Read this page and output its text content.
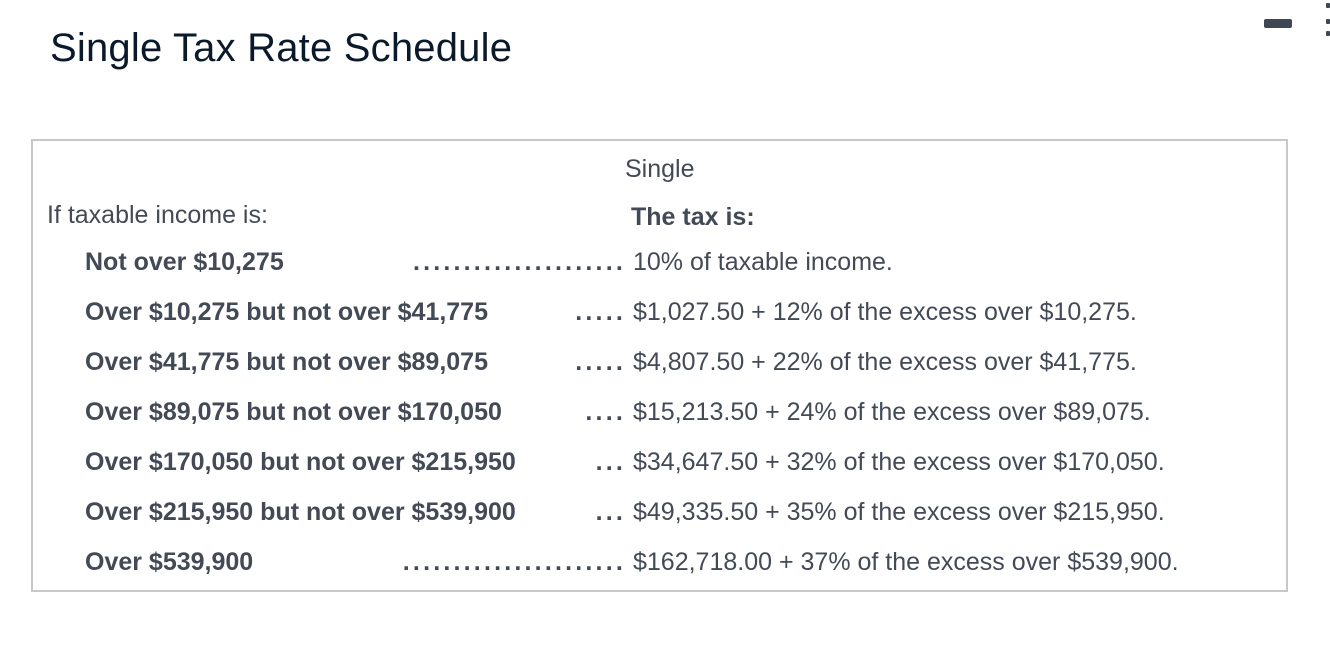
Single Tax Rate Schedule
Single
If taxable income is:	The tax is:
Not over $10,275	..................... 10% of taxable income.
Over $10,275 but not over $41,775	..... $1,027.50 + 12% of the excess over $10,275.
Over $41,775 but not over $89,075	..... $4,807.50 + 22% of the excess over $41,775.
Over $89,075 but not over $170,050	.... $15,213.50 + 24% of the excess over $89,075.
Over $170,050 but not over $215,950	... $34,647.50 + 32% of the excess over $170,050.
Over $215,950 but not over $539,900	... $49,335.50 + 35% of the excess over $215,950.
Over $539,900	...................... $162,718.00 + 37% of the excess over $539,900.
